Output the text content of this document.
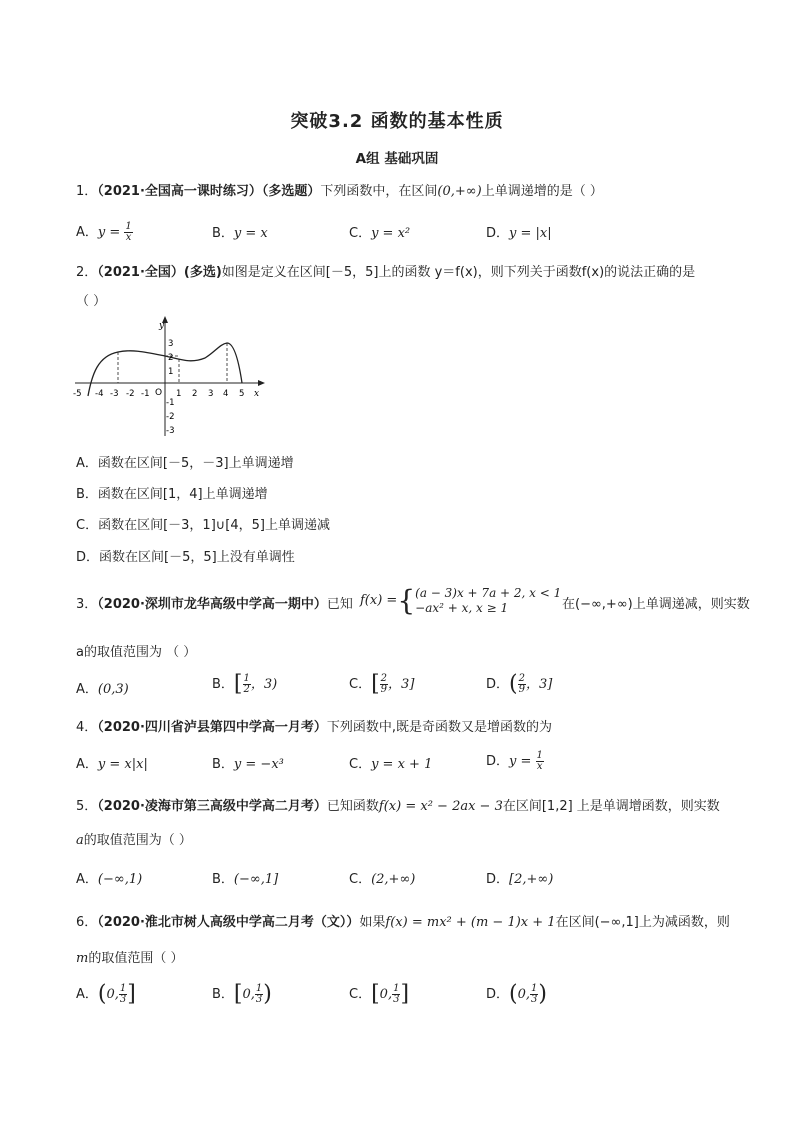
突破3.2 函数的基本性质
A组 基础巩固
1．（2021·全国高一课时练习）（多选题）下列函数中，在区间(0,+∞)上单调递增的是（ ）
A．$y = \frac{1}{x}$	B．y = x	C．y = x²	D．y = |x|
2．（2021·全国）(多选)如图是定义在区间[－5，5]上的函数 y＝f(x)，则下列关于函数f(x)的说法正确的是
（ ）
y
x
O
-5 -4 -3 -2 -1	1 2 3 4 5
3
2
1
-1
-2
-3
A．函数在区间[－5，－3]上单调递增
B．函数在区间[1，4]上单调递增
C．函数在区间[－3，1]∪[4，5]上单调递减
D．函数在区间[－5，5]上没有单调性
3．（2020·深圳市龙华高级中学高一期中）已知 f(x) ={ (a − 3)x + 7a + 2, x < 1
−ax² + x, x ≥ 1	在(−∞,+∞)上单调递减，则实数
a的取值范围为 （ ）
A．(0,3)	B．[ $\frac{1}{2}$ ，3)	C．[ $\frac{2}{9}$ ，3]	D．( $\frac{2}{9}$ ，3]
4．（2020·四川省泸县第四中学高一月考）下列函数中,既是奇函数又是增函数的为
A．y = x|x|	B．y = −x³	C．y = x + 1	D．$y = \frac{1}{x}$
5．（2020·凌海市第三高级中学高二月考）已知函数f(x) = x² − 2ax − 3在区间[1,2] 上是单调增函数，则实数
a的取值范围为（ ）
A．(−∞,1)	B．(−∞,1]	C．(2,+∞)	D．[2,+∞)
6．（2020·淮北市树人高级中学高二月考（文））如果f(x) = mx² + (m − 1)x + 1在区间(−∞,1]上为减函数，则
m的取值范围（ ）
A．(0, $\frac{1}{3}$ ]	B．[0, $\frac{1}{3}$ )	C．[0, $\frac{1}{3}$ ]	D．(0, $\frac{1}{3}$ )
